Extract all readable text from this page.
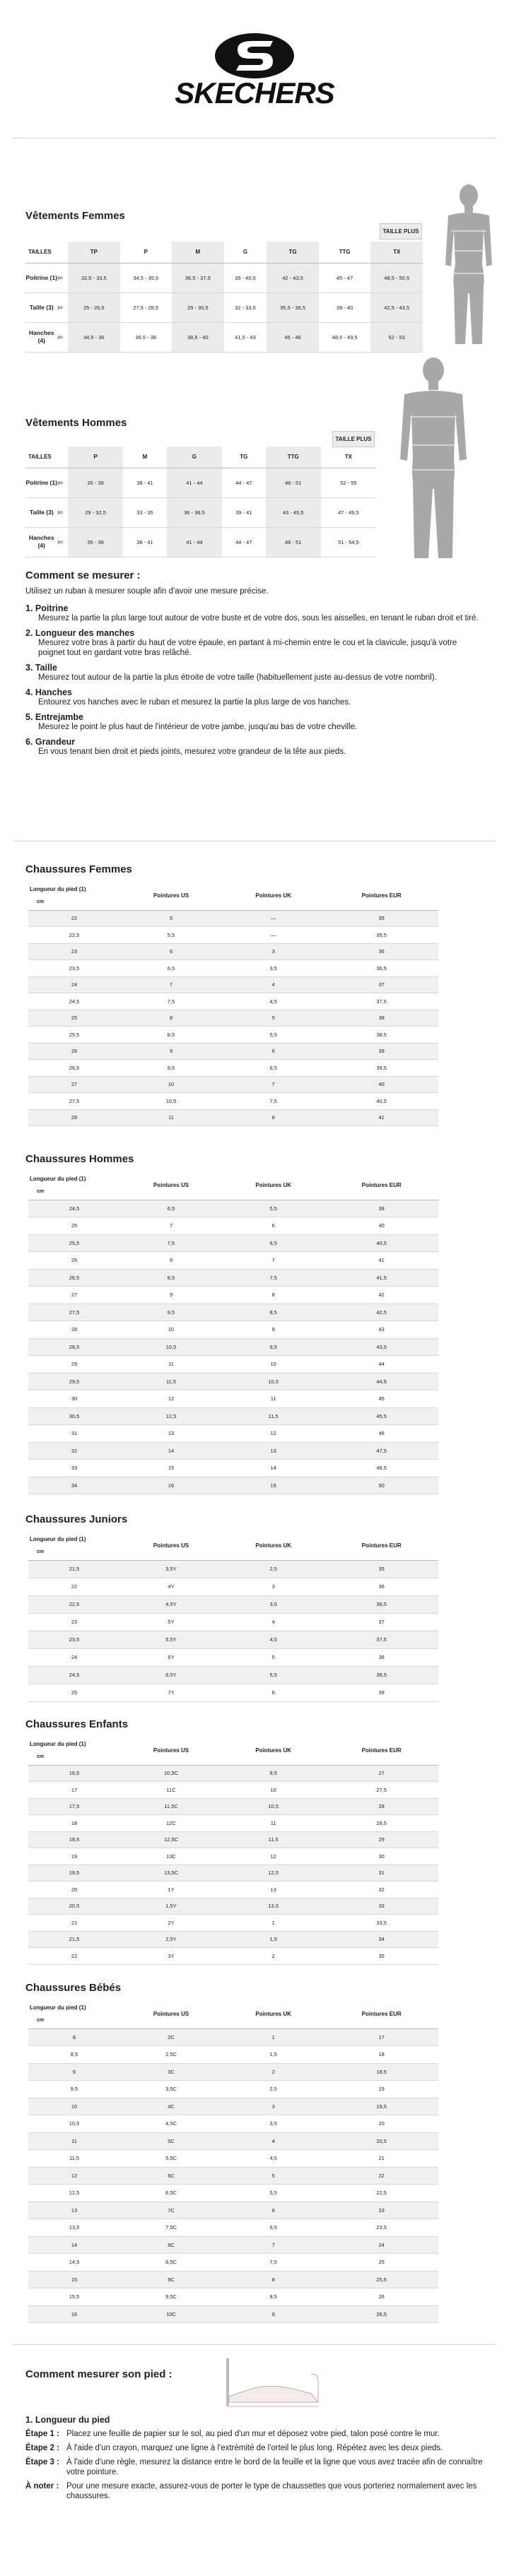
SKECHERS
Vêtements Femmes
TAILLE PLUS
TAILLES		TP	P	M	G	TG	TTG	TX
Poitrine (1)	po	32,5 - 33,5	34,5 - 35,5	36,5 - 37,5	39 - 40,5	42 - 43,5	45 - 47	48,5 - 50,5
Taille (3)	po	25 - 26,5	27,5 - 28,5	29 - 30,5	32 - 33,5	35,5 - 36,5	39 - 40	42,5 - 43,5
Hanches (4)	po	34,5 - 36	36,5 - 38	38,5 - 40	41,5 - 43	45 - 46	48,5 - 49,5	52 - 53
Vêtements Hommes
TAILLE PLUS
TAILLES		P	M	G	TG	TTG	TX
Poitrine (1)	po	35 - 38	38 - 41	41 - 44	44 - 47	48 - 51	52 - 55
Taille (3)	po	29 - 32,5	33 - 35	36 - 38,5	39 - 41	43 - 45,5	47 - 49,5
Hanches (4)	po	35 - 38	38 - 41	41 - 44	44 - 47	48 - 51	51 - 54,5
Comment se mesurer :
Utilisez un ruban à mesurer souple afin d'avoir une mesure précise.
1. Poitrine
Mesurez la partie la plus large tout autour de votre buste et de votre dos, sous les aisselles, en tenant le ruban droit et tiré.
2. Longueur des manches
Mesurez votre bras à partir du haut de votre épaule, en partant à mi-chemin entre le cou et la clavicule, jusqu'à votre poignet tout en gardant votre bras relâché.
3. Taille
Mesurez tout autour de la partie la plus étroite de votre taille (habituellement juste au-dessus de votre nombril).
4. Hanches
Entourez vos hanches avec le ruban et mesurez la partie la plus large de vos hanches.
5. Entrejambe
Mesurez le point le plus haut de l'intérieur de votre jambe, jusqu'au bas de votre cheville.
6. Grandeur
En vous tenant bien droit et pieds joints, mesurez votre grandeur de la tête aux pieds.
Chaussures Femmes
Longueur du pied (1)
cm	Pointures US	Pointures UK	Pointures EUR
22	5	—	35
22,5	5,5	—	35,5
23	6	3	36
23,5	6,5	3,5	36,5
24	7	4	37
24,5	7,5	4,5	37,5
25	8	5	38
25,5	8,5	5,5	38,5
26	9	6	39
26,5	9,5	6,5	39,5
27	10	7	40
27,5	10,5	7,5	40,5
28	11	8	41
Chaussures Hommes
Longueur du pied (1)
cm	Pointures US	Pointures UK	Pointures EUR
24,5	6,5	5,5	39
25	7	6	40
25,5	7,5	6,5	40,5
26	8	7	41
26,5	8,5	7,5	41,5
27	9	8	42
27,5	9,5	8,5	42,5
28	10	9	43
28,5	10,5	9,5	43,5
29	11	10	44
29,5	11,5	10,5	44,5
30	12	11	45
30,5	12,5	11,5	45,5
31	13	12	46
32	14	13	47,5
33	15	14	48,5
34	16	15	50
Chaussures Juniors
Longueur du pied (1)
cm	Pointures US	Pointures UK	Pointures EUR
21,5	3,5Y	2,5	35
22	4Y	3	36
22,5	4,5Y	3,5	36,5
23	5Y	4	37
23,5	5,5Y	4,5	37,5
24	6Y	5	38
24,5	6,5Y	5,5	38,5
25	7Y	6	39
Chaussures Enfants
Longueur du pied (1)
cm	Pointures US	Pointures UK	Pointures EUR
16,5	10,5C	9,5	27
17	11C	10	27,5
17,5	11,5C	10,5	28
18	12C	11	28,5
18,5	12,5C	11,5	29
19	13C	12	30
19,5	13,5C	12,5	31
20	1Y	13	32
20,5	1,5Y	13,5	33
21	2Y	1	33,5
21,5	2,5Y	1,5	34
22	3Y	2	35
Chaussures Bébés
Longueur du pied (1)
cm	Pointures US	Pointures UK	Pointures EUR
8	2C	1	17
8,5	2,5C	1,5	18
9	3C	2	18,5
9,5	3,5C	2,5	19
10	4C	3	19,5
10,5	4,5C	3,5	20
11	5C	4	20,5
11,5	5,5C	4,5	21
12	6C	5	22
12,5	6,5C	5,5	22,5
13	7C	6	23
13,5	7,5C	6,5	23,5
14	8C	7	24
14,5	8,5C	7,5	25
15	9C	8	25,5
15,5	9,5C	8,5	26
16	10C	9	26,5
Comment mesurer son pied :
1. Longueur du pied
Étape 1 : Placez une feuille de papier sur le sol, au pied d'un mur et déposez votre pied, talon posé contre le mur.
Étape 2 : À l'aide d'un crayon, marquez une ligne à l'extrémité de l'orteil le plus long. Répétez avec les deux pieds.
Étape 3 : À l'aide d'une règle, mesurez la distance entre le bord de la feuille et la ligne que vous avez tracée afin de connaître votre pointure.
À noter : Pour une mesure exacte, assurez-vous de porter le type de chaussettes que vous porteriez normalement avec les chaussures.
